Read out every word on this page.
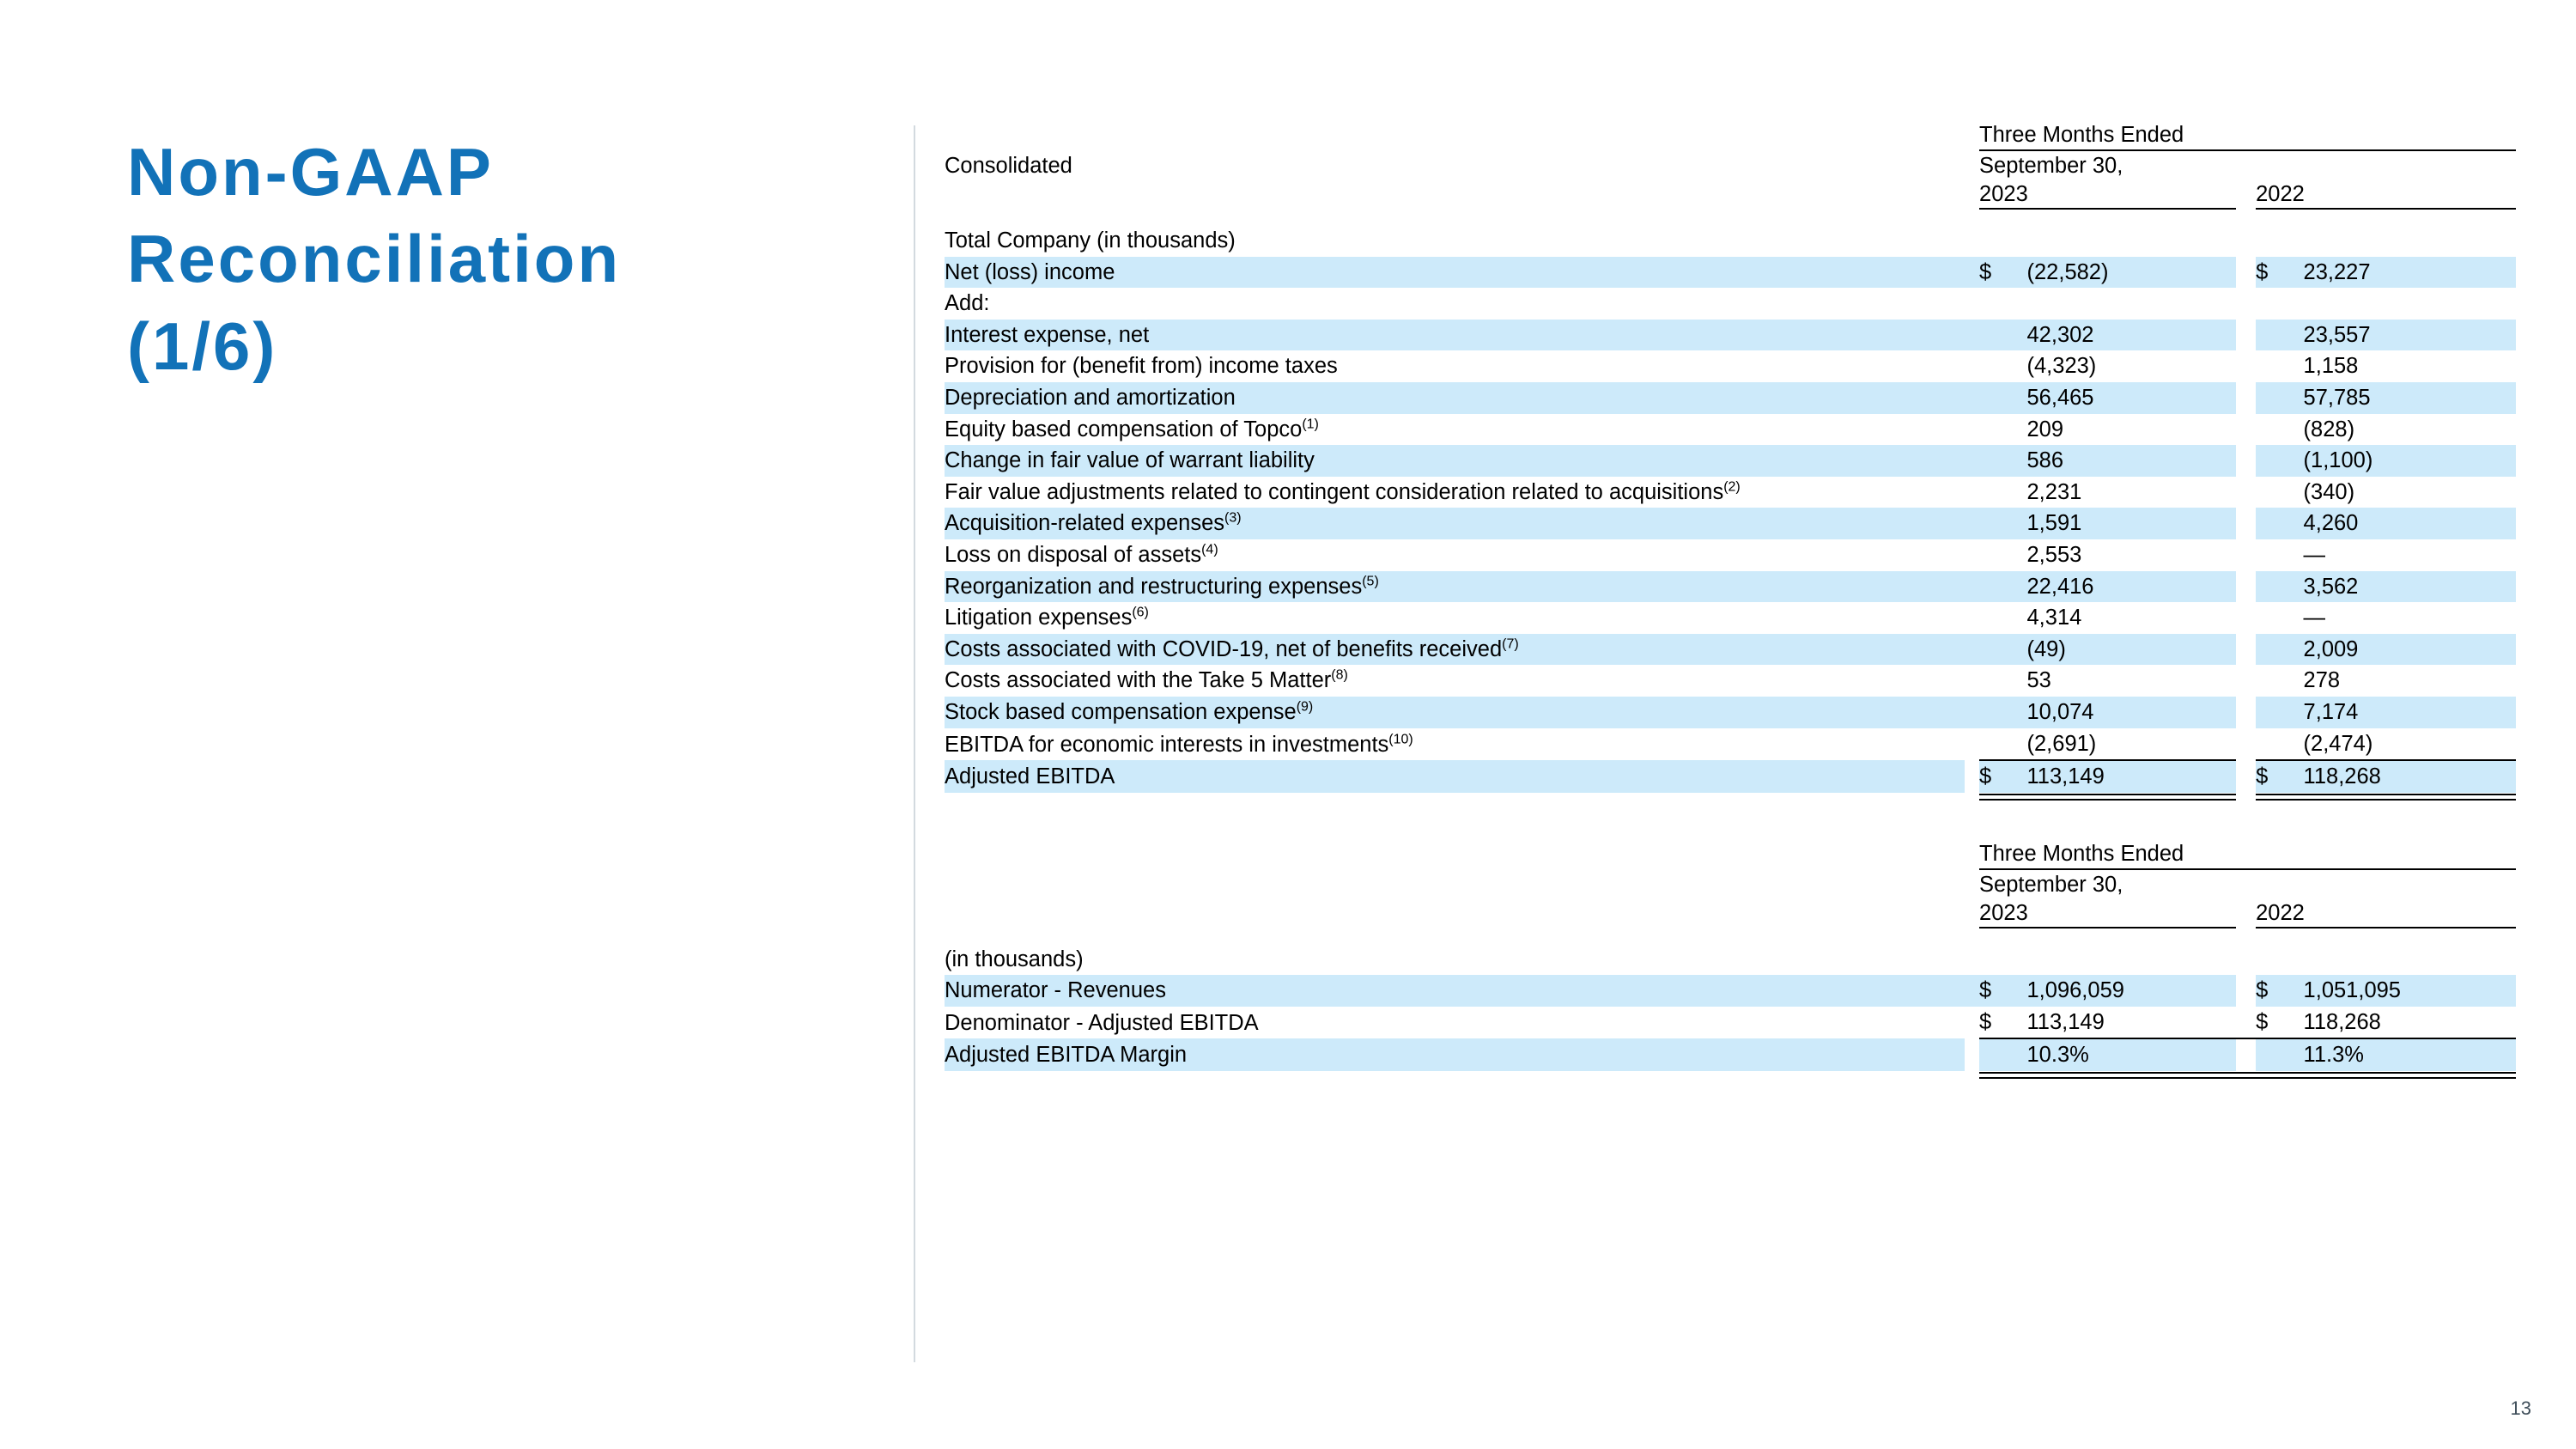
Non-GAAP
Reconciliation
(1/6)
		Three Months Ended				
Consolidated		September 30,				
		2023			2022	

Total Company (in thousands)						
Net (loss) income		$	(22,582)		$	23,227
Add:						
Interest expense, net			42,302			23,557
Provision for (benefit from) income taxes			(4,323)			1,158
Depreciation and amortization			56,465			57,785
Equity based compensation of Topco$^{(1)}$			209			(828)
Change in fair value of warrant liability			586			(1,100)
Fair value adjustments related to contingent consideration related to acquisitions$^{(2)}$			2,231			(340)
Acquisition-related expenses$^{(3)}$			1,591			4,260
Loss on disposal of assets$^{(4)}$			2,553			—
Reorganization and restructuring expenses$^{(5)}$			22,416			3,562
Litigation expenses$^{(6)}$			4,314			—
Costs associated with COVID-19, net of benefits received$^{(7)}$			(49)			2,009
Costs associated with the Take 5 Matter$^{(8)}$			53			278
Stock based compensation expense$^{(9)}$			10,074			7,174
EBITDA for economic interests in investments$^{(10)}$			(2,691)			(2,474)
Adjusted EBITDA		$	113,149		$	118,268
		Three Months Ended				
		September 30,				
		2023			2022	

(in thousands)						
Numerator - Revenues		$	1,096,059		$	1,051,095
Denominator - Adjusted EBITDA		$	113,149		$	118,268
Adjusted EBITDA Margin			10.3%			11.3%
13
